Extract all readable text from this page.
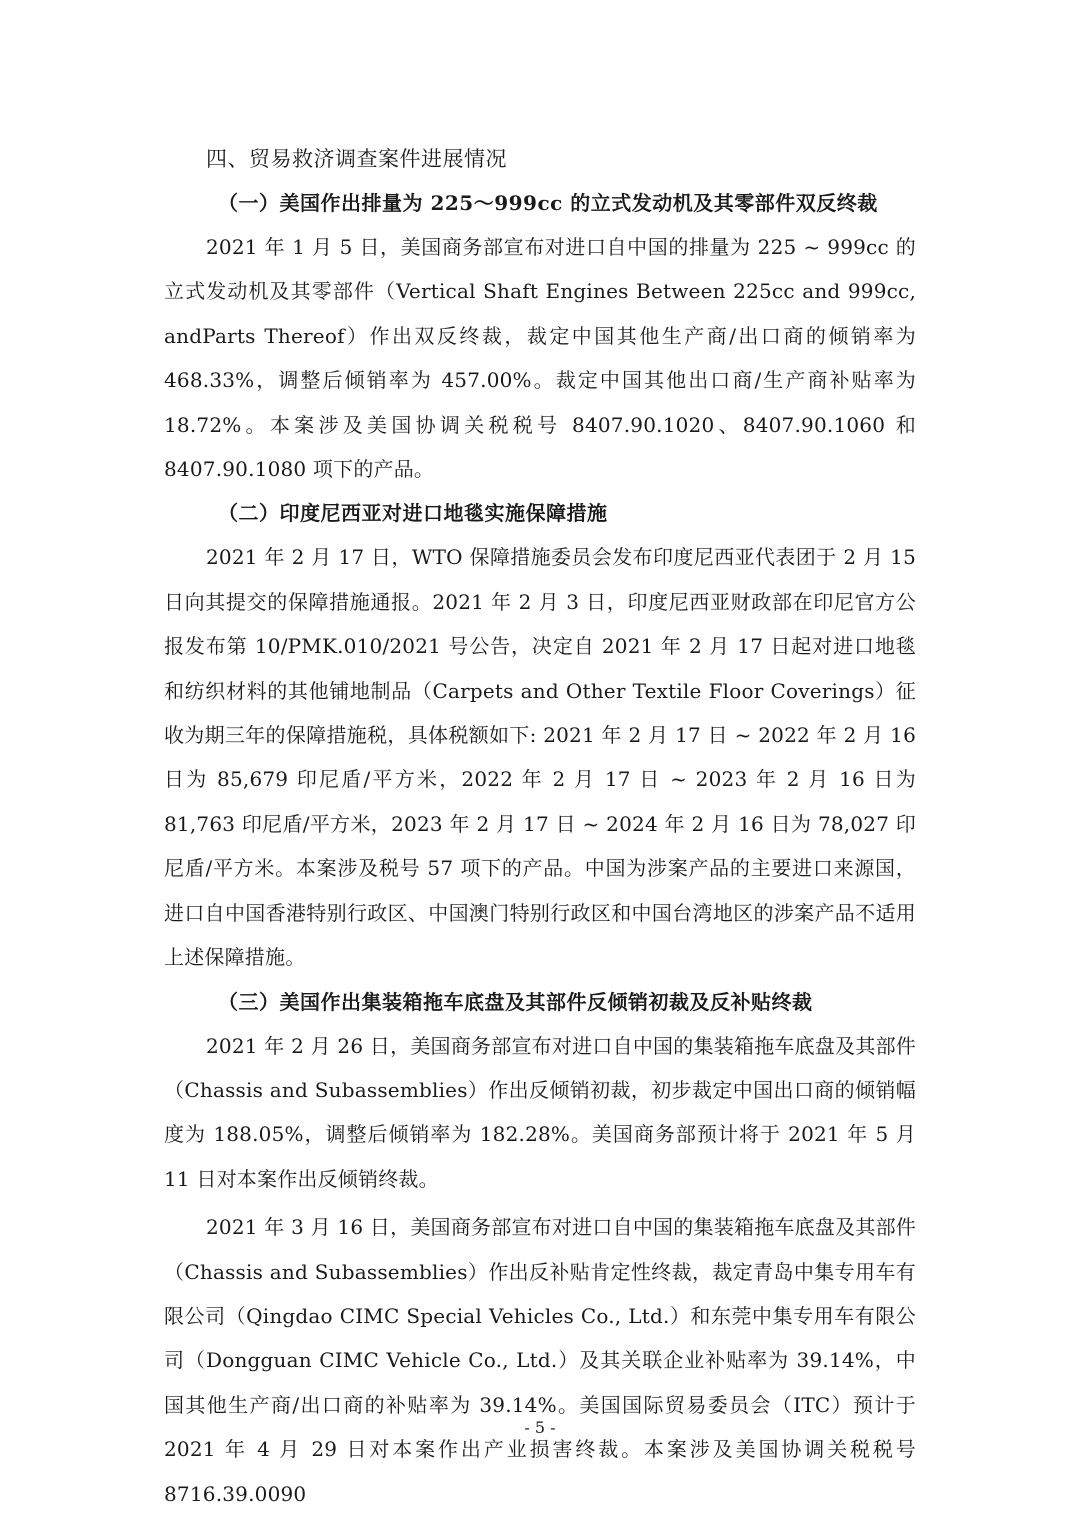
四、贸易救济调查案件进展情况

（一）美国作出排量为 225～999cc 的立式发动机及其零部件双反终裁

2021 年 1 月 5 日，美国商务部宣布对进口自中国的排量为 225 ~ 999cc 的立式发动机及其零部件（Vertical Shaft Engines Between 225cc and 999cc, andParts Thereof）作出双反终裁，裁定中国其他生产商/出口商的倾销率为 468.33%，调整后倾销率为 457.00%。裁定中国其他出口商/生产商补贴率为 18.72%。本案涉及美国协调关税税号 8407.90.1020、8407.90.1060 和 8407.90.1080 项下的产品。

（二）印度尼西亚对进口地毯实施保障措施

2021 年 2 月 17 日，WTO 保障措施委员会发布印度尼西亚代表团于 2 月 15 日向其提交的保障措施通报。2021 年 2 月 3 日，印度尼西亚财政部在印尼官方公报发布第 10/PMK.010/2021 号公告，决定自 2021 年 2 月 17 日起对进口地毯和纺织材料的其他铺地制品（Carpets and Other Textile Floor Coverings）征收为期三年的保障措施税，具体税额如下: 2021 年 2 月 17 日 ~ 2022 年 2 月 16 日为 85,679 印尼盾/平方米，2022 年 2 月 17 日 ~ 2023 年 2 月 16 日为 81,763 印尼盾/平方米，2023 年 2 月 17 日 ~ 2024 年 2 月 16 日为 78,027 印尼盾/平方米。本案涉及税号 57 项下的产品。中国为涉案产品的主要进口来源国，进口自中国香港特别行政区、中国澳门特别行政区和中国台湾地区的涉案产品不适用上述保障措施。

（三）美国作出集装箱拖车底盘及其部件反倾销初裁及反补贴终裁

2021 年 2 月 26 日，美国商务部宣布对进口自中国的集装箱拖车底盘及其部件（Chassis and Subassemblies）作出反倾销初裁，初步裁定中国出口商的倾销幅度为 188.05%，调整后倾销率为 182.28%。美国商务部预计将于 2021 年 5 月 11 日对本案作出反倾销终裁。

2021 年 3 月 16 日，美国商务部宣布对进口自中国的集装箱拖车底盘及其部件（Chassis and Subassemblies）作出反补贴肯定性终裁，裁定青岛中集专用车有限公司（Qingdao CIMC Special Vehicles Co., Ltd.）和东莞中集专用车有限公司（Dongguan CIMC Vehicle Co., Ltd.）及其关联企业补贴率为 39.14%，中国其他生产商/出口商的补贴率为 39.14%。美国国际贸易委员会（ITC）预计于 2021 年 4 月 29 日对本案作出产业损害终裁。本案涉及美国协调关税税号 8716.39.0090

- 5 -
